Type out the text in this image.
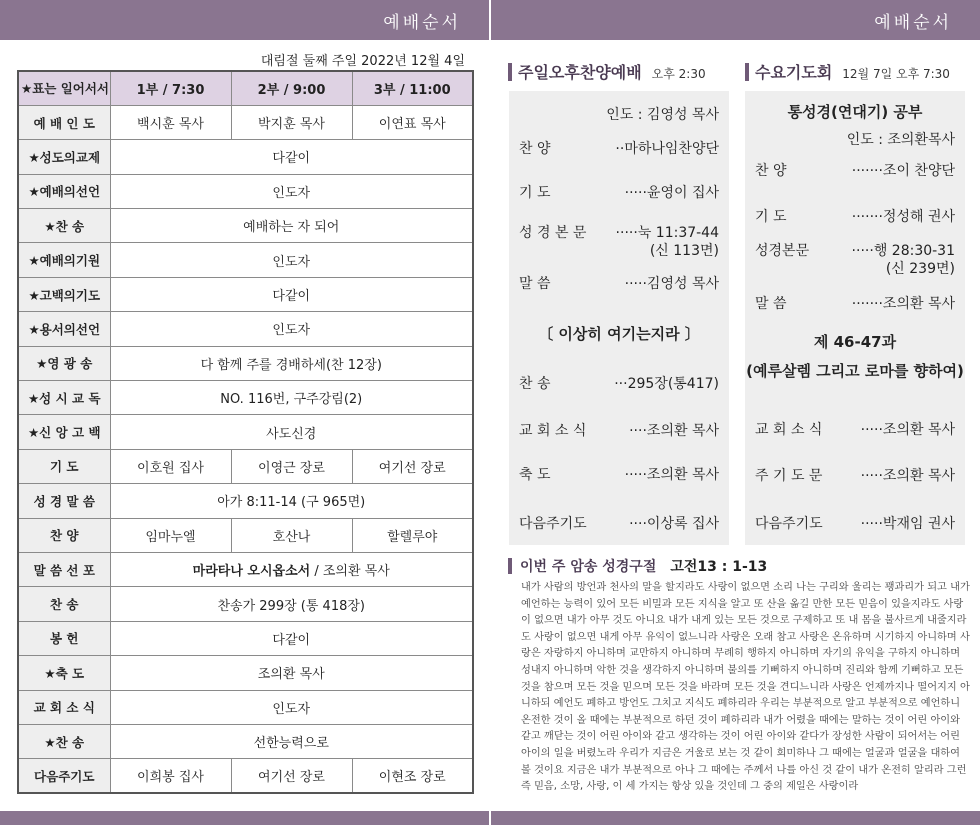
예배순서	예배순서
대림절 둘째 주일 2022년 12월 4일
★표는 일어서서	1부 / 7:30	2부 / 9:00	3부 / 11:00
예 배 인 도	백시훈 목사	박지훈 목사	이연표 목사
★성도의교제	다같이		
★예배의선언	인도자		
★찬 송	예배하는 자 되어		
★예배의기원	인도자		
★고백의기도	다같이		
★용서의선언	인도자		
★영 광 송	다 함께 주를 경배하세(찬 12장)		
★성 시 교 독	NO. 116번, 구주강림(2)		
★신 앙 고 백	사도신경		
기 도	이호원 집사	이영근 장로	여기선 장로
성 경 말 씀	아가 8:11-14 (구 965면)		
찬 양	임마누엘	호산나	할렐루야
말 씀 선 포	마라타나 오시옵소서 / 조의환 목사		
찬 송	찬송가 299장 (통 418장)		
봉 헌	다같이		
★축 도	조의환 목사		
교 회 소 식	인도자		
★찬 송	선한능력으로		
다음주기도	이희봉 집사	여기선 장로	이현조 장로
주일오후찬양예배 오후 2:30
인도 : 김영성 목사
찬 양	··마하나임찬양단
기 도	·····윤영이 집사
성 경 본 문 ·····눅 11:37-44
(신 113면)
말 씀	·····김영성 목사
〔 이상히 여기는지라 〕
찬 송	···295장(통417)
교 회 소 식	····조의환 목사
축 도	·····조의환 목사
다음주기도	····이상록 집사
수요기도회 12월 7일 오후 7:30
통성경(연대기) 공부
인도 : 조의환목사
찬 양	·······조이 찬양단
기 도	·······정성해 권사
성경본문	·····행 28:30-31
(신 239면)
말 씀	·······조의환 목사
제 46-47과
(예루살렘 그리고 로마를 향하여)
교 회 소 식	·····조의환 목사
주 기 도 문	·····조의환 목사
다음주기도	·····박재임 권사
이번 주 암송 성경구절 고전13 : 1-13
내가 사람의 방언과 천사의 말을 할지라도 사랑이 없으면 소리 나는 구리와 울리는 꽹과리가 되고 내가 예언하는 능력이 있어 모든 비밀과 모든 지식을 알고 또 산을 옮길 만한 모든 믿음이 있을지라도 사랑이 없으면 내가 아무 것도 아니요 내가 내게 있는 모든 것으로 구제하고 또 내 몸을 불사르게 내줄지라도 사랑이 없으면 내게 아무 유익이 없느니라 사랑은 오래 참고 사랑은 온유하며 시기하지 아니하며 사랑은 자랑하지 아니하며 교만하지 아니하며 무례히 행하지 아니하며 자기의 유익을 구하지 아니하며 성내지 아니하며 악한 것을 생각하지 아니하며 불의를 기뻐하지 아니하며 진리와 함께 기뻐하고 모든것을 참으며 모든 것을 믿으며 모든 것을 바라며 모든 것을 견디느니라 사랑은 언제까지나 떨어지지 아니하되 예언도 폐하고 방언도 그치고 지식도 폐하리라 우리는 부분적으로 알고 부분적으로 예언하니 온전한 것이 올 때에는 부분적으로 하던 것이 폐하리라 내가 어렸을 때에는 말하는 것이 어린 아이와 같고 깨닫는 것이 어린 아이와 같고 생각하는 것이 어린 아이와 같다가 장성한 사람이 되어서는 어린 아이의 일을 버렸노라 우리가 지금은 거울로 보는 것 같이 희미하나 그 때에는 얼굴과 얼굴을 대하여 볼 것이요 지금은 내가 부분적으로 아나 그 때에는 주께서 나를 아신 것 같이 내가 온전히 알리라 그런즉 믿음, 소망, 사랑, 이 세 가지는 항상 있을 것인데 그 중의 제일은 사랑이라
